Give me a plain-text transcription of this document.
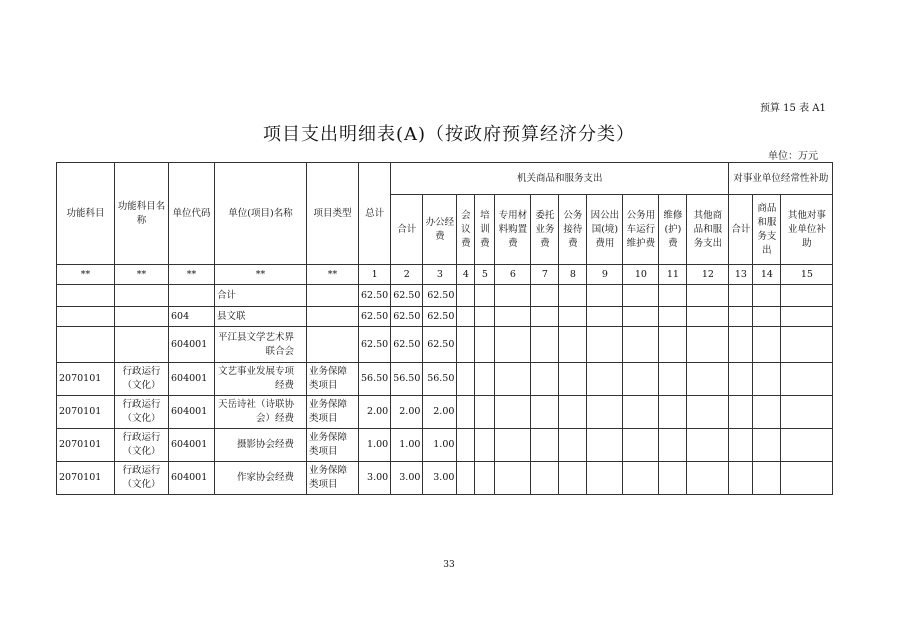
预算 15 表 A1
项目支出明细表(A)（按政府预算经济分类）
单位：万元
功能科目	功能科目名称	单位代码	单位(项目)名称	项目类型	总计	机关商品和服务支出											对事业单位经常性补助		
						合计	办公经费	会议费	培训费	专用材料购置费	委托业务费	公务接待费	因公出国(境)费用	公务用车运行维护费	维修(护)费	其他商品和服务支出	合计	商品和服务支出	其他对事业单位补助
**	**	**	**	**	1	2	3	4	5	6	7	8	9	10	11	12	13	14	15
			合计		62.50	62.50	62.50												
		604	县文联		62.50	62.50	62.50												
		604001	平江县文学艺术界联合会		62.50	62.50	62.50												
2070101	行政运行（文化）	604001	文艺事业发展专项经费	业务保障类项目	56.50	56.50	56.50												
2070101	行政运行（文化）	604001	天岳诗社（诗联协会）经费	业务保障类项目	2.00	2.00	2.00												
2070101	行政运行（文化）	604001	摄影协会经费	业务保障类项目	1.00	1.00	1.00												
2070101	行政运行（文化）	604001	作家协会经费	业务保障类项目	3.00	3.00	3.00												
33
